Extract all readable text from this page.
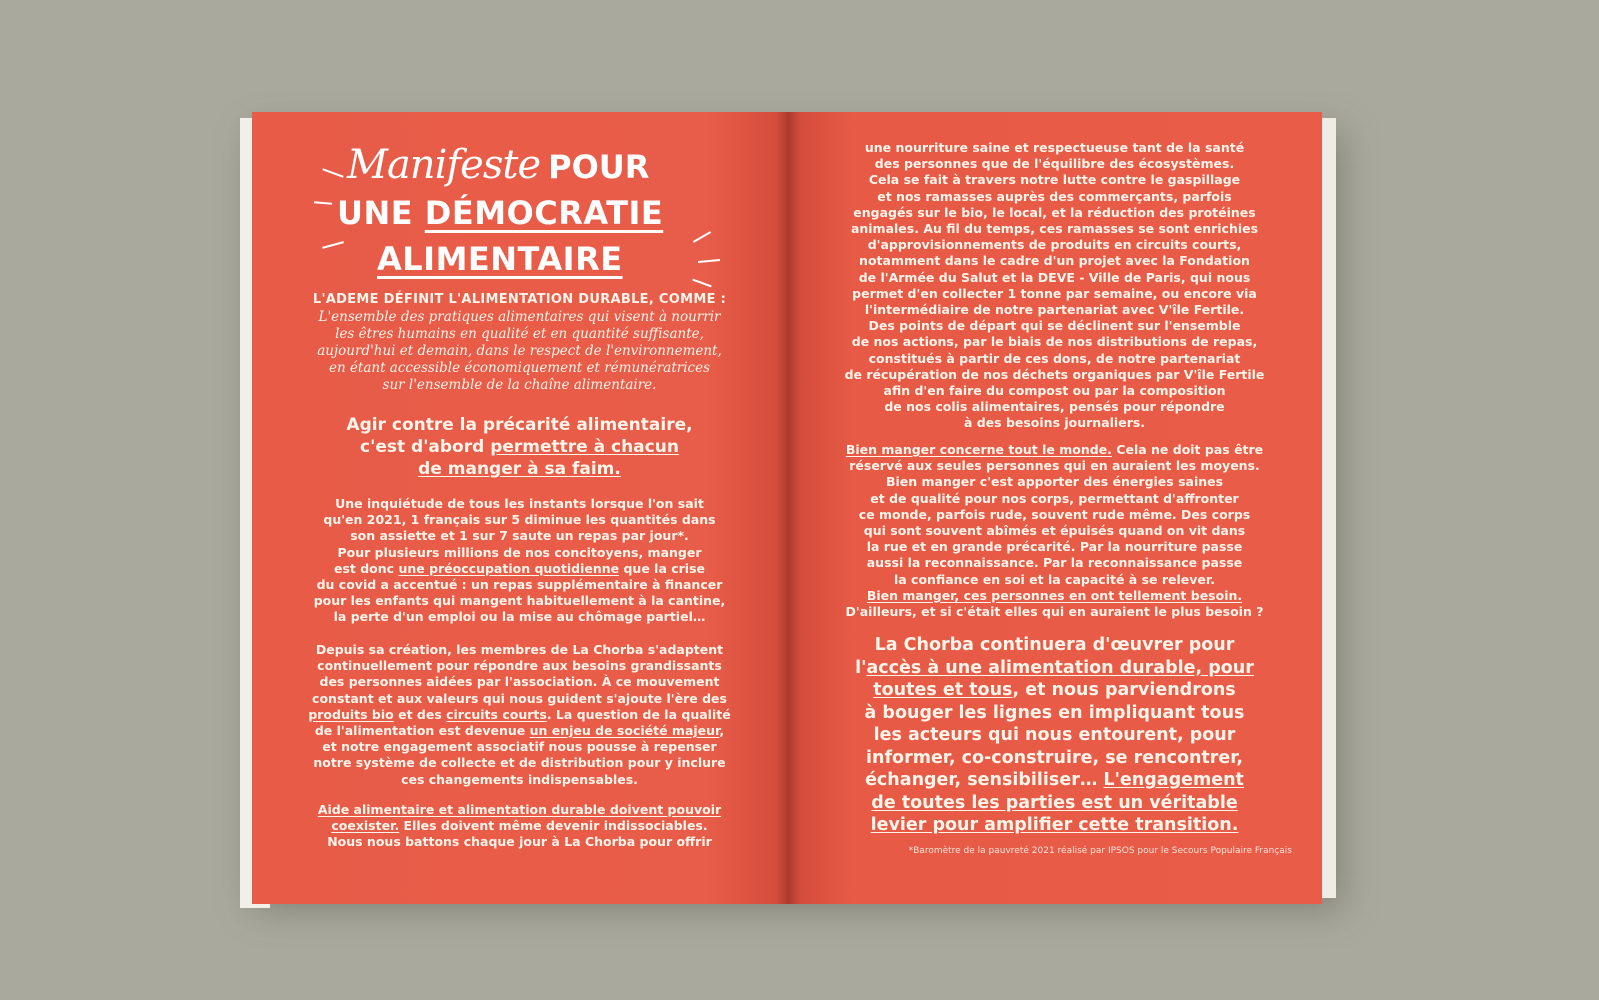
Manifeste POUR
UNE DÉMOCRATIE
ALIMENTAIRE
L'ADEME DÉFINIT L'ALIMENTATION DURABLE, COMME :
L'ensemble des pratiques alimentaires qui visent à nourrir
les êtres humains en qualité et en quantité suffisante,
aujourd'hui et demain, dans le respect de l'environnement,
en étant accessible économiquement et rémunératrices
sur l'ensemble de la chaîne alimentaire.
Agir contre la précarité alimentaire,
c'est d'abord permettre à chacun
de manger à sa faim.
Une inquiétude de tous les instants lorsque l'on sait
qu'en 2021, 1 français sur 5 diminue les quantités dans
son assiette et 1 sur 7 saute un repas par jour*.
Pour plusieurs millions de nos concitoyens, manger
est donc une préoccupation quotidienne que la crise
du covid a accentué : un repas supplémentaire à financer
pour les enfants qui mangent habituellement à la cantine,
la perte d'un emploi ou la mise au chômage partiel…
Depuis sa création, les membres de La Chorba s'adaptent
continuellement pour répondre aux besoins grandissants
des personnes aidées par l'association. À ce mouvement
constant et aux valeurs qui nous guident s'ajoute l'ère des
produits bio et des circuits courts. La question de la qualité
de l'alimentation est devenue un enjeu de société majeur,
et notre engagement associatif nous pousse à repenser
notre système de collecte et de distribution pour y inclure
ces changements indispensables.
Aide alimentaire et alimentation durable doivent pouvoir
coexister. Elles doivent même devenir indissociables.
Nous nous battons chaque jour à La Chorba pour offrir
une nourriture saine et respectueuse tant de la santé
des personnes que de l'équilibre des écosystèmes.
Cela se fait à travers notre lutte contre le gaspillage
et nos ramasses auprès des commerçants, parfois
engagés sur le bio, le local, et la réduction des protéines
animales. Au fil du temps, ces ramasses se sont enrichies
d'approvisionnements de produits en circuits courts,
notamment dans le cadre d'un projet avec la Fondation
de l'Armée du Salut et la DEVE - Ville de Paris, qui nous
permet d'en collecter 1 tonne par semaine, ou encore via
l'intermédiaire de notre partenariat avec V'île Fertile.
Des points de départ qui se déclinent sur l'ensemble
de nos actions, par le biais de nos distributions de repas,
constitués à partir de ces dons, de notre partenariat
de récupération de nos déchets organiques par V'île Fertile
afin d'en faire du compost ou par la composition
de nos colis alimentaires, pensés pour répondre
à des besoins journaliers.
Bien manger concerne tout le monde. Cela ne doit pas être
réservé aux seules personnes qui en auraient les moyens.
Bien manger c'est apporter des énergies saines
et de qualité pour nos corps, permettant d'affronter
ce monde, parfois rude, souvent rude même. Des corps
qui sont souvent abîmés et épuisés quand on vit dans
la rue et en grande précarité. Par la nourriture passe
aussi la reconnaissance. Par la reconnaissance passe
la confiance en soi et la capacité à se relever.
Bien manger, ces personnes en ont tellement besoin.
D'ailleurs, et si c'était elles qui en auraient le plus besoin ?
La Chorba continuera d'œuvrer pour
l'accès à une alimentation durable, pour
toutes et tous, et nous parviendrons
à bouger les lignes en impliquant tous
les acteurs qui nous entourent, pour
informer, co-construire, se rencontrer,
échanger, sensibiliser… L'engagement
de toutes les parties est un véritable
levier pour amplifier cette transition.
*Baromètre de la pauvreté 2021 réalisé par IPSOS pour le Secours Populaire Français
